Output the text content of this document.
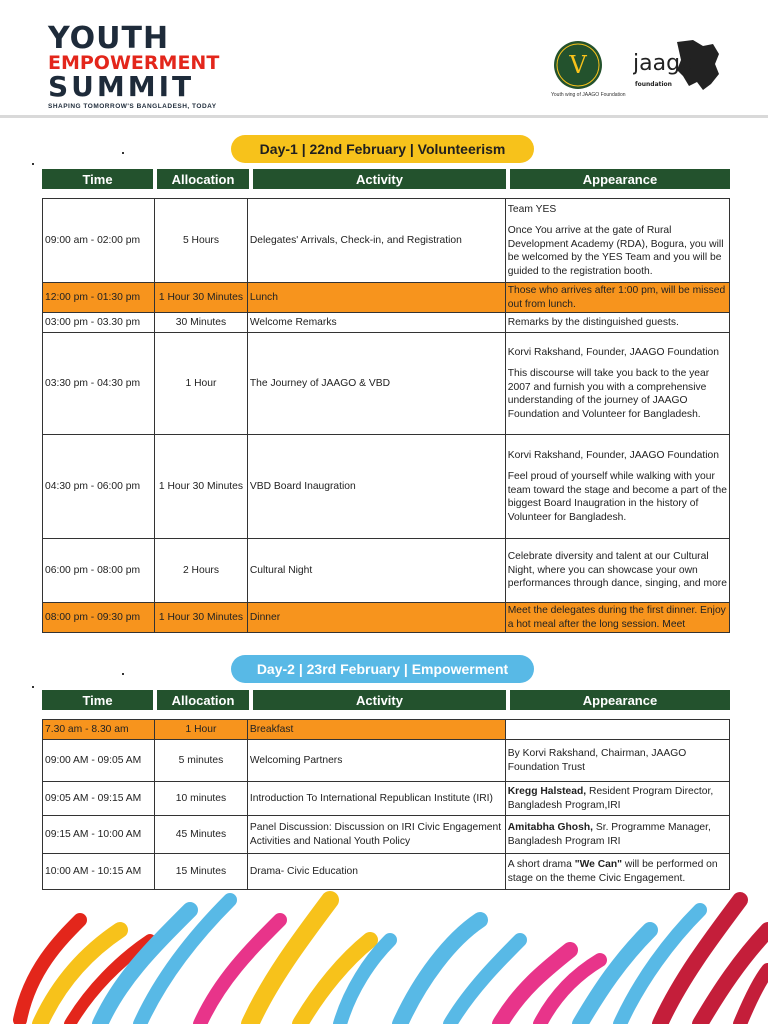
YOUTH
EMPOWERMENT
SUMMIT
SHAPING TOMORROW'S BANGLADESH, TODAY
V
Youth wing of JAAGO Foundation
jaago
foundation
Day-1 | 22nd February | Volunteerism
Time	Allocation	Activity	Appearance
09:00 am - 02:00 pm	5 Hours	Delegates' Arrivals, Check-in, and Registration	Team YES

Once You arrive at the gate of Rural Development Academy (RDA), Bogura, you will be welcomed by the YES Team and you will be guided to the registration booth.

12:00 pm - 01:30 pm	1 Hour 30 Minutes	Lunch	Those who arrives after 1:00 pm, will be missed out from lunch.

03:00 pm - 03.30 pm	30 Minutes	Welcome Remarks	Remarks by the distinguished guests.

03:30 pm - 04:30 pm	1 Hour	The Journey of JAAGO & VBD	Korvi Rakshand, Founder, JAAGO Foundation

This discourse will take you back to the year 2007 and furnish you with a comprehensive understanding of the journey of JAAGO Foundation and Volunteer for Bangladesh.

04:30 pm - 06:00 pm	1 Hour 30 Minutes	VBD Board Inaugration	Korvi Rakshand, Founder, JAAGO Foundation

Feel proud of yourself while walking with your team toward the stage and become a part of the biggest Board Inaugration in the history of Volunteer for Bangladesh.

06:00 pm - 08:00 pm	2 Hours	Cultural Night	Celebrate diversity and talent at our Cultural Night, where you can showcase your own performances through dance, singing, and more

08:00 pm - 09:30 pm	1 Hour 30 Minutes	Dinner	Meet the delegates during the first dinner. Enjoy a hot meal after the long session. Meet

Day-2 | 23rd February | Empowerment
Time	Allocation	Activity	Appearance
7.30 am - 8.30 am	1 Hour	Breakfast	
09:00 AM - 09:05 AM	5 minutes	Welcoming Partners	By Korvi Rakshand, Chairman, JAAGO Foundation Trust
09:05 AM - 09:15 AM	10 minutes	Introduction To International Republican Institute (IRI)	Kregg Halstead, Resident Program Director, Bangladesh Program,IRI
09:15 AM - 10:00 AM	45 Minutes	Panel Discussion: Discussion on IRI Civic Engagement Activities and National Youth Policy	Amitabha Ghosh, Sr. Programme Manager, Bangladesh Program IRI
10:00 AM - 10:15 AM	15 Minutes	Drama- Civic Education	A short drama "We Can" will be performed on stage on the theme Civic Engagement.
